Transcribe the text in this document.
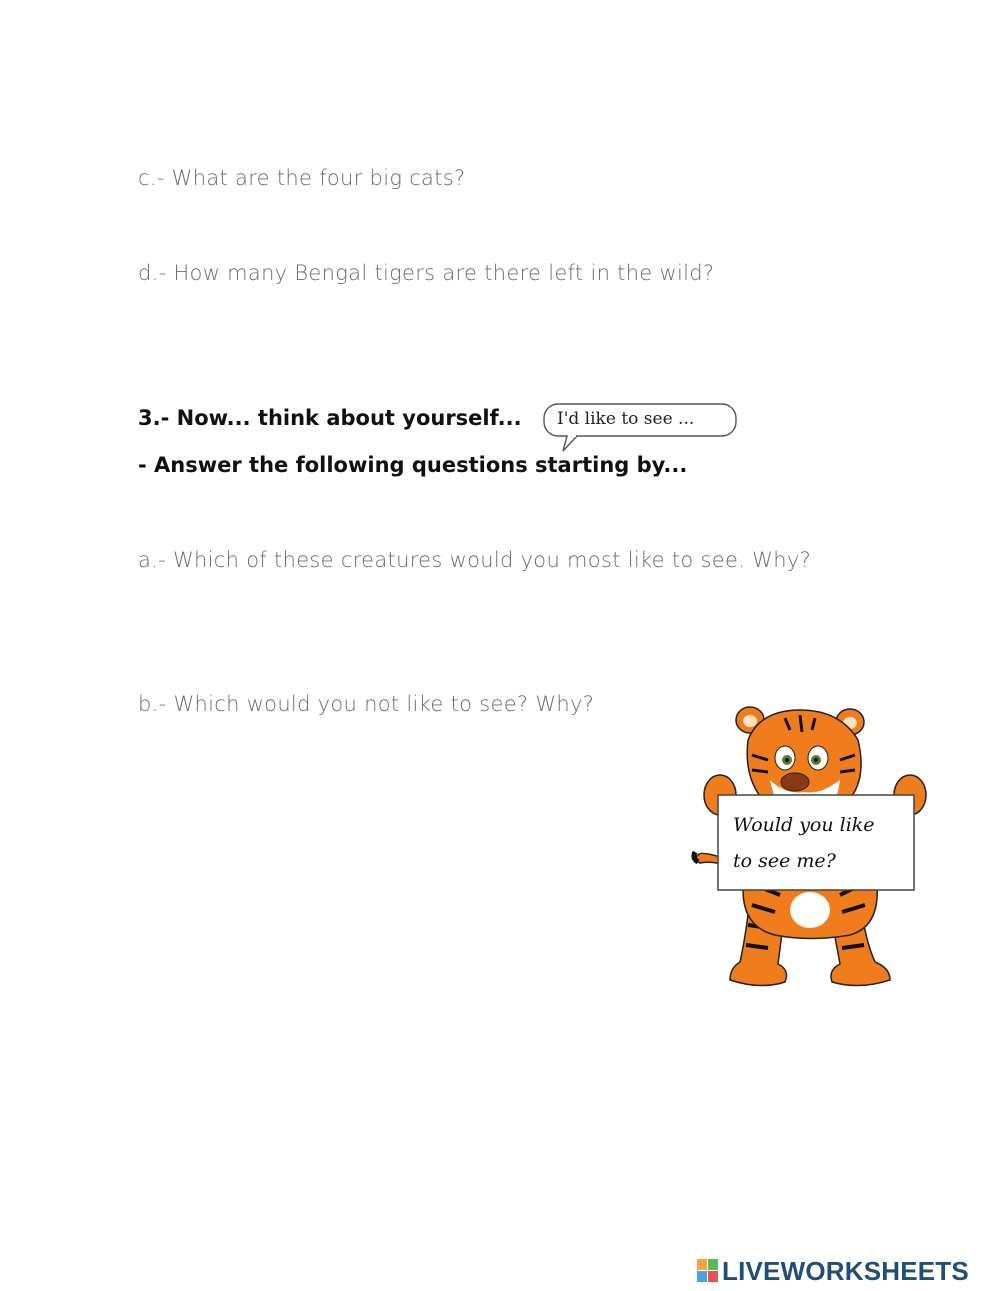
c.- What are the four big cats?
d.- How many Bengal tigers are there left in the wild?
3.- Now... think about yourself... I'd like to see ...
- Answer the following questions starting by...
a.- Which of these creatures would you most like to see. Why?
b.- Which would you not like to see? Why?
Would you like
to see me?
LIVEWORKSHEETS
